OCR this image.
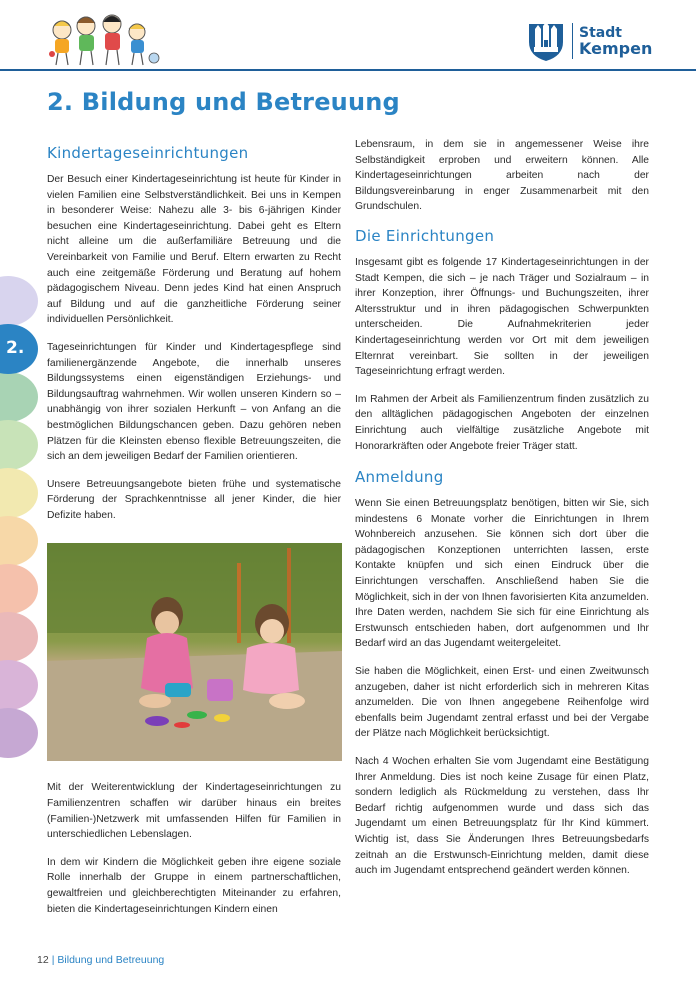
Stadt
Kempen
2. Bildung und Betreuung
2.
Kindertageseinrichtungen

Der Besuch einer Kindertageseinrichtung ist heute für Kinder in vielen Familien eine Selbstverständlichkeit. Bei uns in Kempen in besonderer Weise: Nahezu alle 3- bis 6-jährigen Kinder besuchen eine Kindertageseinrichtung. Dabei geht es Eltern nicht alleine um die außerfamiliäre Betreuung und die Vereinbarkeit von Familie und Beruf. Eltern erwarten zu Recht auch eine zeitgemäße Förderung und Beratung auf hohem pädagogischem Niveau. Denn jedes Kind hat einen Anspruch auf Bildung und auf die ganzheitliche Förderung seiner individuellen Persönlichkeit.

Tageseinrichtungen für Kinder und Kindertagespflege sind familienergänzende Angebote, die innerhalb unseres Bildungssystems einen eigenständigen Erziehungs- und Bildungsauftrag wahrnehmen. Wir wollen unseren Kindern so – unabhängig von ihrer sozialen Herkunft – von Anfang an die bestmöglichen Bildungschancen geben. Dazu gehören neben Plätzen für die Kleinsten ebenso flexible Betreuungszeiten, die sich an dem jeweiligen Bedarf der Familien orientieren.

Unsere Betreuungsangebote bieten frühe und systematische Förderung der Sprachkenntnisse all jener Kinder, die hier Defizite haben.

Mit der Weiterentwicklung der Kindertageseinrichtungen zu Familienzentren schaffen wir darüber hinaus ein breites (Familien-)Netzwerk mit umfassenden Hilfen für Familien in unterschiedlichen Lebenslagen.

In dem wir Kindern die Möglichkeit geben ihre eigene soziale Rolle innerhalb der Gruppe in einem partnerschaftlichen, gewaltfreien und gleichberechtigten Miteinander zu erfahren, bieten die Kindertageseinrichtungen Kindern einen

Lebensraum, in dem sie in angemessener Weise ihre Selbständigkeit erproben und erweitern können. Alle Kindertageseinrichtungen arbeiten nach der Bildungsvereinbarung in enger Zusammenarbeit mit den Grundschulen.

Die Einrichtungen

Insgesamt gibt es folgende 17 Kindertageseinrichtungen in der Stadt Kempen, die sich – je nach Träger und Sozialraum – in ihrer Konzeption, ihrer Öffnungs- und Buchungszeiten, ihrer Altersstruktur und in ihren pädagogischen Schwerpunkten unterscheiden. Die Aufnahmekriterien jeder Kindertageseinrichtung werden vor Ort mit dem jeweiligen Elternrat vereinbart. Sie sollten in der jeweiligen Tageseinrichtung erfragt werden.

Im Rahmen der Arbeit als Familienzentrum finden zusätzlich zu den alltäglichen pädagogischen Angeboten der einzelnen Einrichtung auch vielfältige zusätzliche Angebote mit Honorarkräften oder Angebote freier Träger statt.

Anmeldung

Wenn Sie einen Betreuungsplatz benötigen, bitten wir Sie, sich mindestens 6 Monate vorher die Einrichtungen in Ihrem Wohnbereich anzusehen. Sie können sich dort über die pädagogischen Konzeptionen unterrichten lassen, erste Kontakte knüpfen und sich einen Eindruck über die Einrichtungen verschaffen. Anschließend haben Sie die Möglichkeit, sich in der von Ihnen favorisierten Kita anzumelden. Ihre Daten werden, nachdem Sie sich für eine Einrichtung als Erstwunsch entschieden haben, dort aufgenommen und Ihr Bedarf wird an das Jugendamt weitergeleitet.

Sie haben die Möglichkeit, einen Erst- und einen Zweitwunsch anzugeben, daher ist nicht erforderlich sich in mehreren Kitas anzumelden. Die von Ihnen angegebene Reihenfolge wird ebenfalls beim Jugendamt zentral erfasst und bei der Vergabe der Plätze nach Möglichkeit berücksichtigt.

Nach 4 Wochen erhalten Sie vom Jugendamt eine Bestätigung Ihrer Anmeldung. Dies ist noch keine Zusage für einen Platz, sondern lediglich als Rückmeldung zu verstehen, dass Ihr Bedarf richtig aufgenommen wurde und dass sich das Jugendamt um einen Betreuungsplatz für Ihr Kind kümmert. Wichtig ist, dass Sie Änderungen Ihres Betreuungsbedarfs zeitnah an die Erstwunsch-Einrichtung melden, damit diese auch im Jugendamt entsprechend geändert werden können.

12 | Bildung und Betreuung
